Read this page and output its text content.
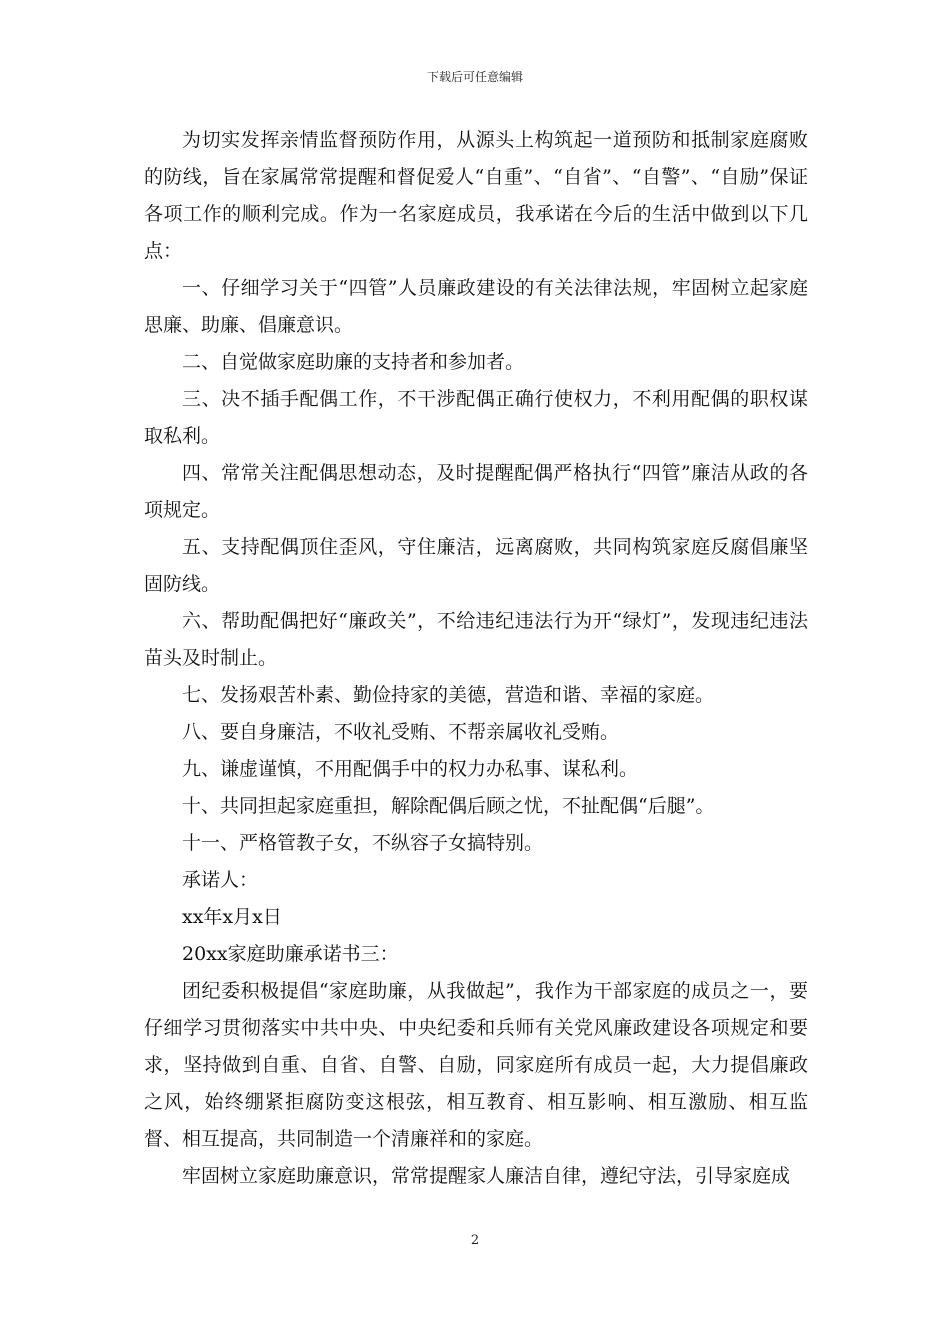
下载后可任意编辑

为切实发挥亲情监督预防作用，从源头上构筑起一道预防和抵制家庭腐败的防线，旨在家属常常提醒和督促爱人“自重”、“自省”、“自警”、“自励”保证各项工作的顺利完成。作为一名家庭成员，我承诺在今后的生活中做到以下几点：

一、仔细学习关于“四管”人员廉政建设的有关法律法规，牢固树立起家庭思廉、助廉、倡廉意识。

二、自觉做家庭助廉的支持者和参加者。

三、决不插手配偶工作，不干涉配偶正确行使权力，不利用配偶的职权谋取私利。

四、常常关注配偶思想动态，及时提醒配偶严格执行“四管”廉洁从政的各项规定。

五、支持配偶顶住歪风，守住廉洁，远离腐败，共同构筑家庭反腐倡廉坚固防线。

六、帮助配偶把好“廉政关”，不给违纪违法行为开“绿灯”，发现违纪违法苗头及时制止。

七、发扬艰苦朴素、勤俭持家的美德，营造和谐、幸福的家庭。

八、要自身廉洁，不收礼受贿、不帮亲属收礼受贿。

九、谦虚谨慎，不用配偶手中的权力办私事、谋私利。

十、共同担起家庭重担，解除配偶后顾之忧，不扯配偶“后腿”。

十一、严格管教子女，不纵容子女搞特别。

承诺人：

xx年x月x日

20xx家庭助廉承诺书三：

团纪委积极提倡“家庭助廉，从我做起”，我作为干部家庭的成员之一，要仔细学习贯彻落实中共中央、中央纪委和兵师有关党风廉政建设各项规定和要求，坚持做到自重、自省、自警、自励，同家庭所有成员一起，大力提倡廉政之风，始终绷紧拒腐防变这根弦，相互教育、相互影响、相互激励、相互监督、相互提高，共同制造一个清廉祥和的家庭。

牢固树立家庭助廉意识，常常提醒家人廉洁自律，遵纪守法，引导家庭成

2
